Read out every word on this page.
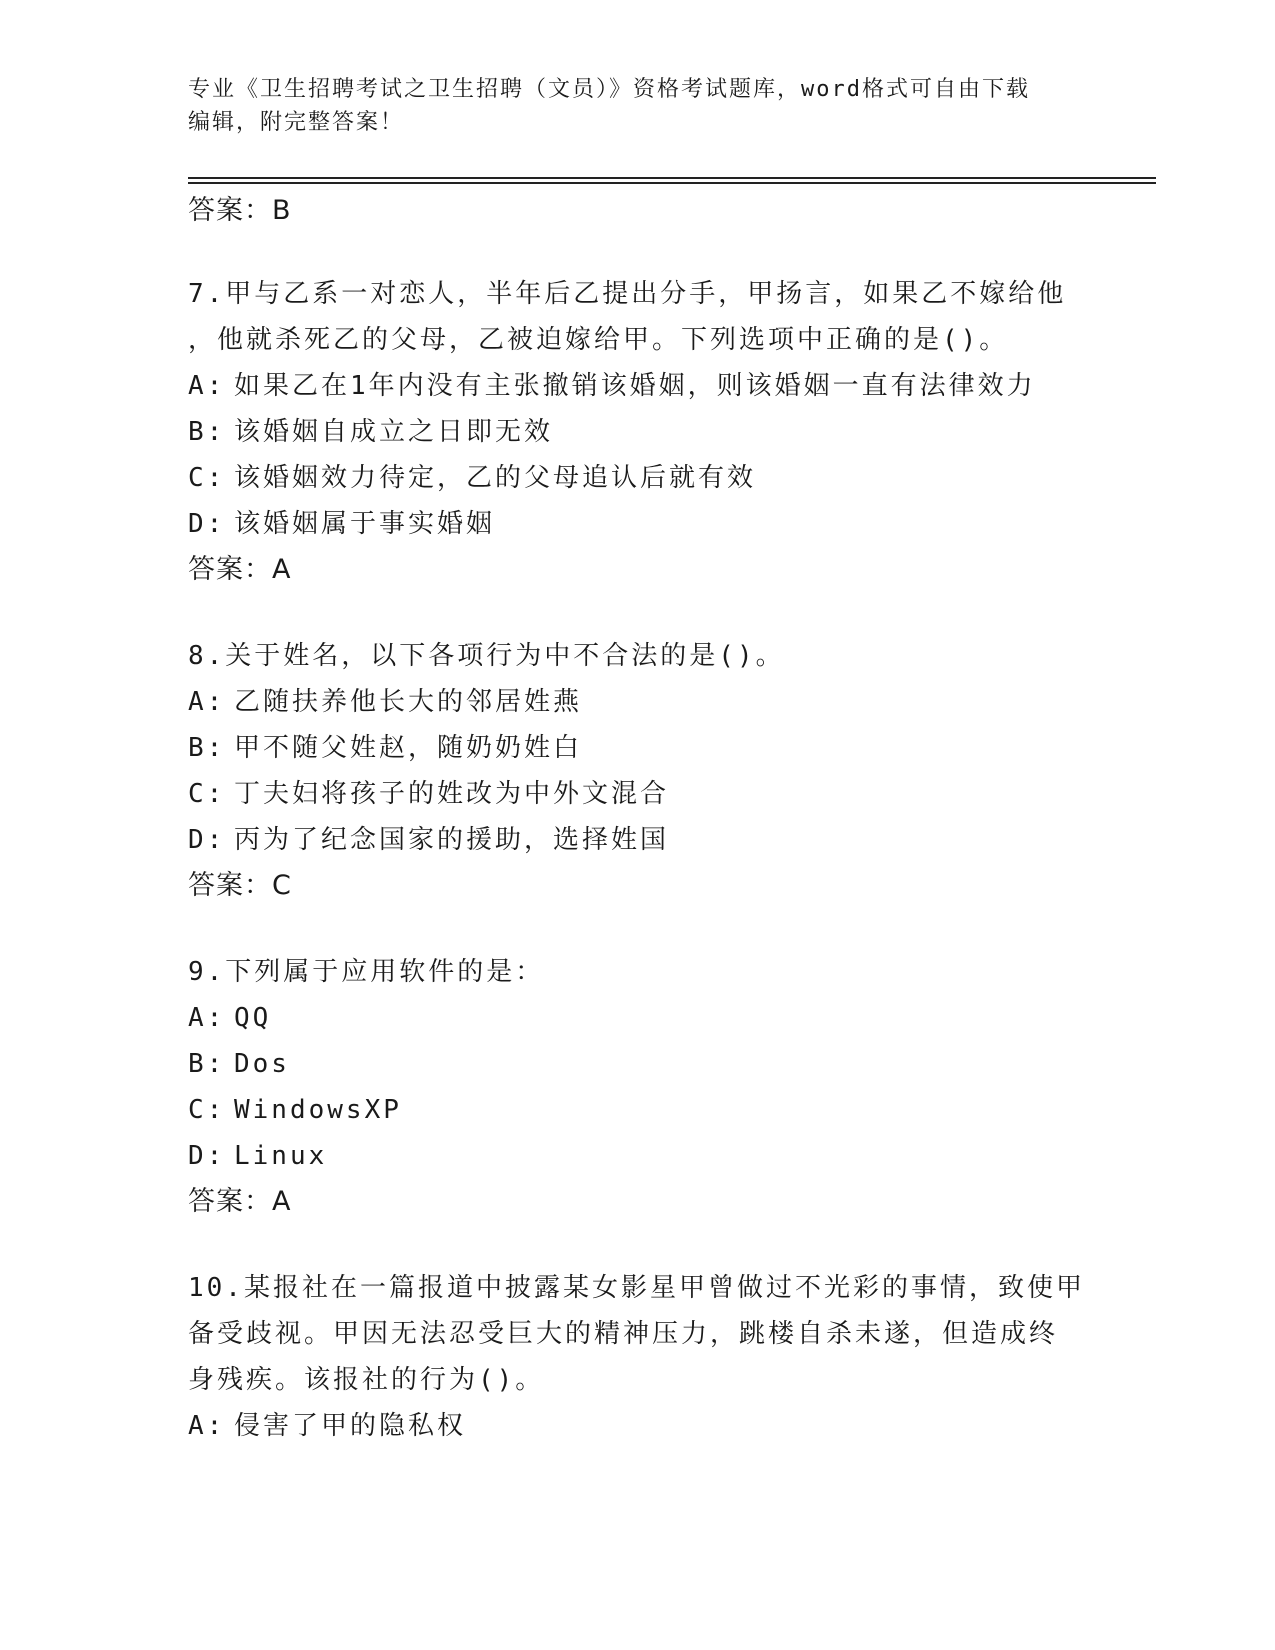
专业《卫生招聘考试之卫生招聘（文员）》资格考试题库，word格式可自由下载
编辑，附完整答案！
答案：B
7.甲与乙系一对恋人，半年后乙提出分手，甲扬言，如果乙不嫁给他
，他就杀死乙的父母，乙被迫嫁给甲。下列选项中正确的是()。
A: 如果乙在1年内没有主张撤销该婚姻，则该婚姻一直有法律效力
B: 该婚姻自成立之日即无效
C: 该婚姻效力待定，乙的父母追认后就有效
D: 该婚姻属于事实婚姻
答案：A
8.关于姓名，以下各项行为中不合法的是()。
A: 乙随扶养他长大的邻居姓燕
B: 甲不随父姓赵，随奶奶姓白
C: 丁夫妇将孩子的姓改为中外文混合
D: 丙为了纪念国家的援助，选择姓国
答案：C
9.下列属于应用软件的是：
A: QQ
B: Dos
C: WindowsXP
D: Linux
答案：A
10.某报社在一篇报道中披露某女影星甲曾做过不光彩的事情，致使甲
备受歧视。甲因无法忍受巨大的精神压力，跳楼自杀未遂，但造成终
身残疾。该报社的行为()。
A: 侵害了甲的隐私权
